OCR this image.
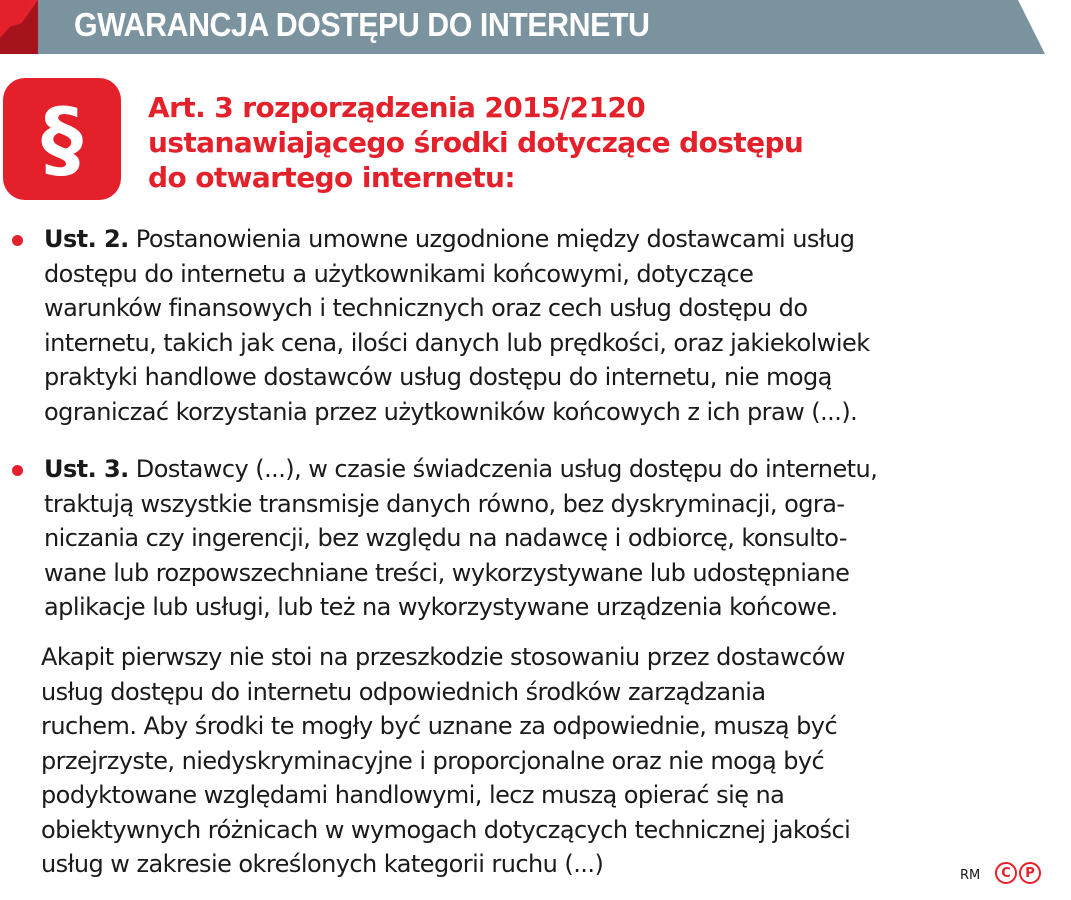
GWARANCJA DOSTĘPU DO INTERNETU
§ Art. 3 rozporządzenia 2015/2120
ustanawiającego środki dotyczące dostępu
do otwartego internetu:
Ust. 2. Postanowienia umowne uzgodnione między dostawcami usług
dostępu do internetu a użytkownikami końcowymi, dotyczące
warunków finansowych i technicznych oraz cech usług dostępu do
internetu, takich jak cena, ilości danych lub prędkości, oraz jakiekolwiek
praktyki handlowe dostawców usług dostępu do internetu, nie mogą
ograniczać korzystania przez użytkowników końcowych z ich praw (...).
Ust. 3. Dostawcy (...), w czasie świadczenia usług dostępu do internetu,
traktują wszystkie transmisje danych równo, bez dyskryminacji, ogra-
niczania czy ingerencji, bez względu na nadawcę i odbiorcę, konsulto-
wane lub rozpowszechniane treści, wykorzystywane lub udostępniane
aplikacje lub usługi, lub też na wykorzystywane urządzenia końcowe.
Akapit pierwszy nie stoi na przeszkodzie stosowaniu przez dostawców
usług dostępu do internetu odpowiednich środków zarządzania
ruchem. Aby środki te mogły być uznane za odpowiednie, muszą być
przejrzyste, niedyskryminacyjne i proporcjonalne oraz nie mogą być
podyktowane względami handlowymi, lecz muszą opierać się na
obiektywnych różnicach w wymogach dotyczących technicznej jakości
usług w zakresie określonych kategorii ruchu (...)	RM	C	P
